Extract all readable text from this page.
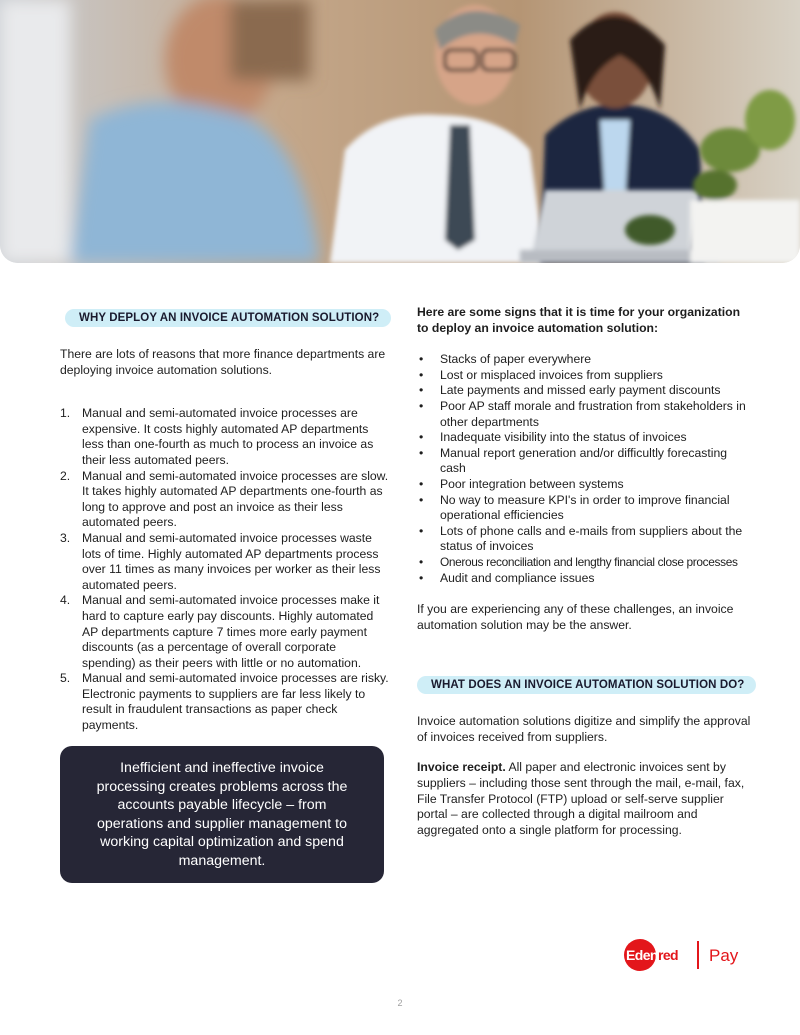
WHY DEPLOY AN INVOICE AUTOMATION SOLUTION?

There are lots of reasons that more finance departments are deploying invoice automation solutions.

1. Manual and semi-automated invoice processes are expensive. It costs highly automated AP departments less than one-fourth as much to process an invoice as their less automated peers.
2. Manual and semi-automated invoice processes are slow. It takes highly automated AP departments one-fourth as long to approve and post an invoice as their less automated peers.
3. Manual and semi-automated invoice processes waste lots of time. Highly automated AP departments process over 11 times as many invoices per worker as their less automated peers.
4. Manual and semi-automated invoice processes make it hard to capture early pay discounts. Highly automated AP departments capture 7 times more early payment discounts (as a percentage of overall corporate spending) as their peers with little or no automation.
5. Manual and semi-automated invoice processes are risky. Electronic payments to suppliers are far less likely to result in fraudulent transactions as paper check payments.

Inefficient and ineffective invoice processing creates problems across the accounts payable lifecycle – from operations and supplier management to working capital optimization and spend management.

Here are some signs that it is time for your organization to deploy an invoice automation solution:

• Stacks of paper everywhere
• Lost or misplaced invoices from suppliers
• Late payments and missed early payment discounts
• Poor AP staff morale and frustration from stakeholders in other departments
• Inadequate visibility into the status of invoices
• Manual report generation and/or difficultly forecasting cash
• Poor integration between systems
• No way to measure KPI's in order to improve financial operational efficiencies
• Lots of phone calls and e-mails from suppliers about the status of invoices
• Onerous reconciliation and lengthy financial close processes
• Audit and compliance issues

If you are experiencing any of these challenges, an invoice automation solution may be the answer.

WHAT DOES AN INVOICE AUTOMATION SOLUTION DO?

Invoice automation solutions digitize and simplify the approval of invoices received from suppliers.

Invoice receipt. All paper and electronic invoices sent by suppliers – including those sent through the mail, e-mail, fax, File Transfer Protocol (FTP) upload or self-serve supplier portal – are collected through a digital mailroom and aggregated onto a single platform for processing.

Eden red Pay
2
